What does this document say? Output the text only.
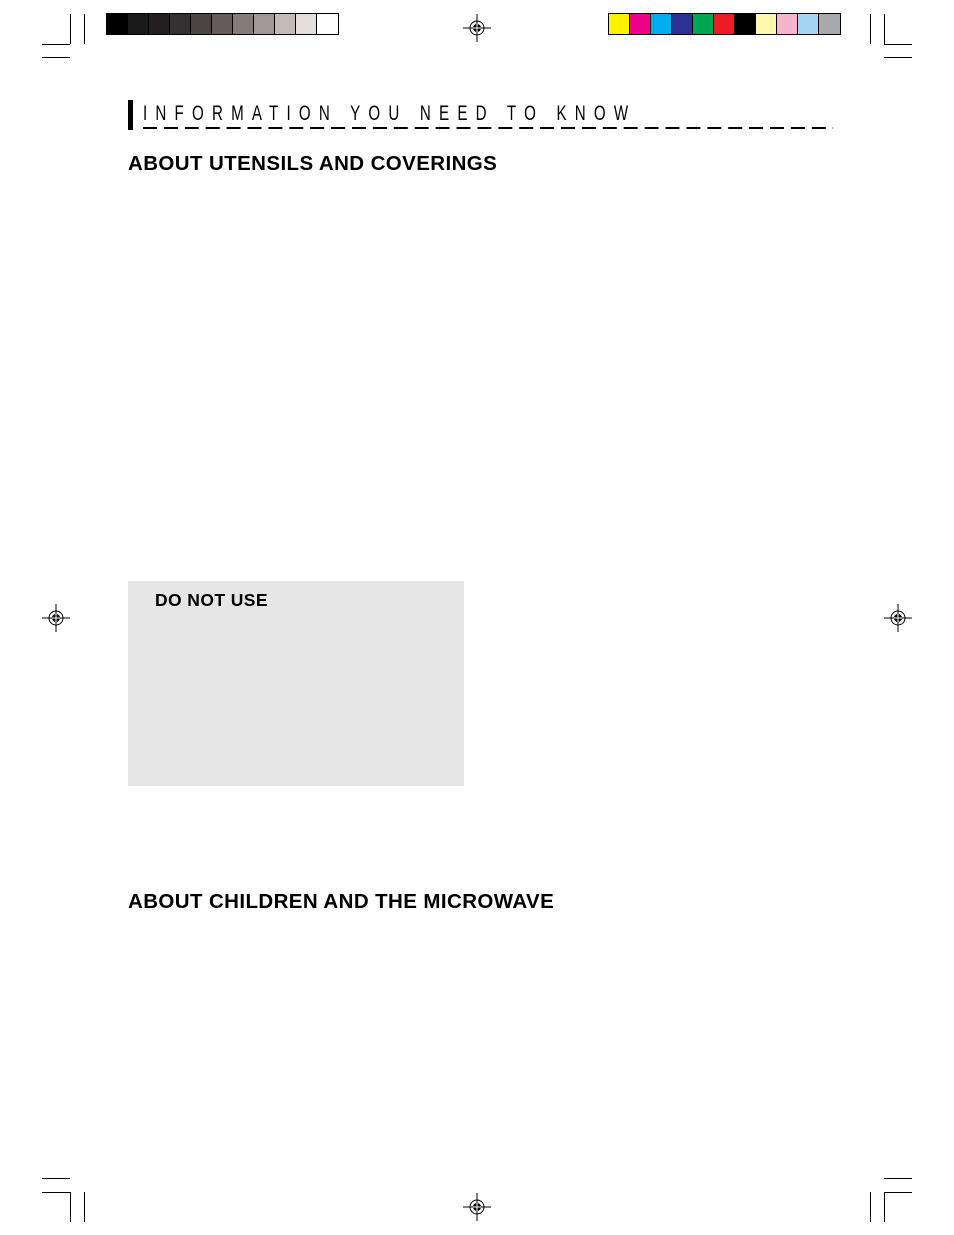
INFORMATION YOU NEED TO KNOW
ABOUT UTENSILS AND COVERINGS
DO NOT USE
ABOUT CHILDREN AND THE MICROWAVE
